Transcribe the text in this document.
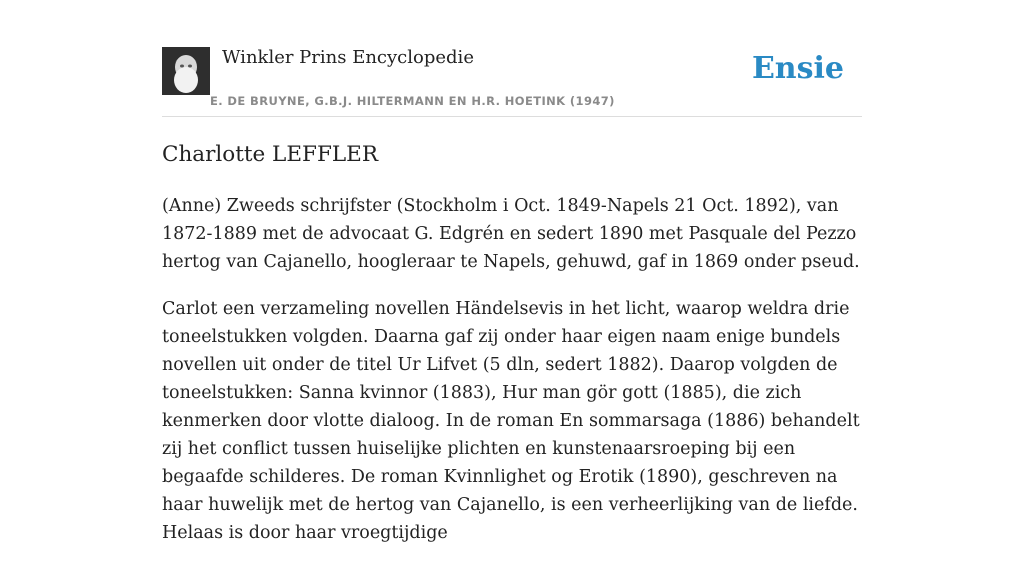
Winkler Prins Encyclopedie
E. DE BRUYNE, G.B.J. HILTERMANN EN H.R. HOETINK (1947)
Ensie
Charlotte LEFFLER

(Anne) Zweeds schrijfster (Stockholm i Oct. 1849-Napels 21 Oct. 1892), van 1872-1889 met de advocaat G. Edgrén en sedert 1890 met Pasquale del Pezzo hertog van Cajanello, hoogleraar te Napels, gehuwd, gaf in 1869 onder pseud.

Carlot een verzameling novellen Händelsevis in het licht, waarop weldra drie toneelstukken volgden. Daarna gaf zij onder haar eigen naam enige bundels novellen uit onder de titel Ur Lifvet (5 dln, sedert 1882). Daarop volgden de toneelstukken: Sanna kvinnor (1883), Hur man gör gott (1885), die zich kenmerken door vlotte dialoog. In de roman En sommarsaga (1886) behandelt zij het conflict tussen huiselijke plichten en kunstenaarsroeping bij een begaafde schilderes. De roman Kvinnlighet og Erotik (1890), geschreven na haar huwelijk met de hertog van Cajanello, is een verheerlijking van de liefde. Helaas is door haar vroegtijdige
